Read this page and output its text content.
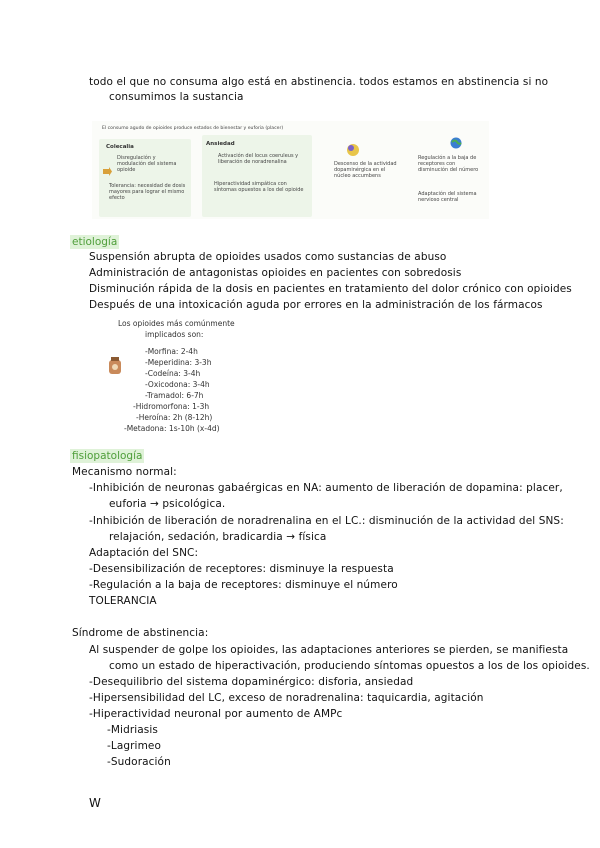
todo el que no consuma algo está en abstinencia. todos estamos en abstinencia si no
consumimos la sustancia
El consumo agudo de opioides produce estados de bienestar y euforia (placer)
Colecalia
Disregulación y modulación del sistema opioide
Tolerancia: necesidad de dosis mayores para lograr el mismo efecto
Ansiedad
Activación del locus coeruleus y liberación de noradrenalina
Hiperactividad simpática con síntomas opuestos a los del opioide
Descenso de la actividad dopaminérgica en el núcleo accumbens
Regulación a la baja de receptores con disminución del número
Adaptación del sistema nervioso central
etiología
Suspensión abrupta de opioides usados como sustancias de abuso
Administración de antagonistas opioides en pacientes con sobredosis
Disminución rápida de la dosis en pacientes en tratamiento del dolor crónico con opioides
Después de una intoxicación aguda por errores en la administración de los fármacos
Los opioides más comúnmente
implicados son:
-Morfina: 2-4h
-Meperidina: 3-3h
-Codeína: 3-4h
-Oxicodona: 3-4h
-Tramadol: 6-7h
-Hidromorfona: 1-3h
-Heroína: 2h (8-12h)
-Metadona: 1s-10h (x-4d)
fisiopatología
Mecanismo normal:
-Inhibición de neuronas gabaérgicas en NA: aumento de liberación de dopamina: placer,
euforia → psicológica.
-Inhibición de liberación de noradrenalina en el LC.: disminución de la actividad del SNS:
relajación, sedación, bradicardia → física
Adaptación del SNC:
-Desensibilización de receptores: disminuye la respuesta
-Regulación a la baja de receptores: disminuye el número
TOLERANCIA
Síndrome de abstinencia:
Al suspender de golpe los opioides, las adaptaciones anteriores se pierden, se manifiesta
como un estado de hiperactivación, produciendo síntomas opuestos a los de los opioides.
-Desequilibrio del sistema dopaminérgico: disforia, ansiedad
-Hipersensibilidad del LC, exceso de noradrenalina: taquicardia, agitación
-Hiperactividad neuronal por aumento de AMPc
-Midriasis
-Lagrimeo
-Sudoración
W
